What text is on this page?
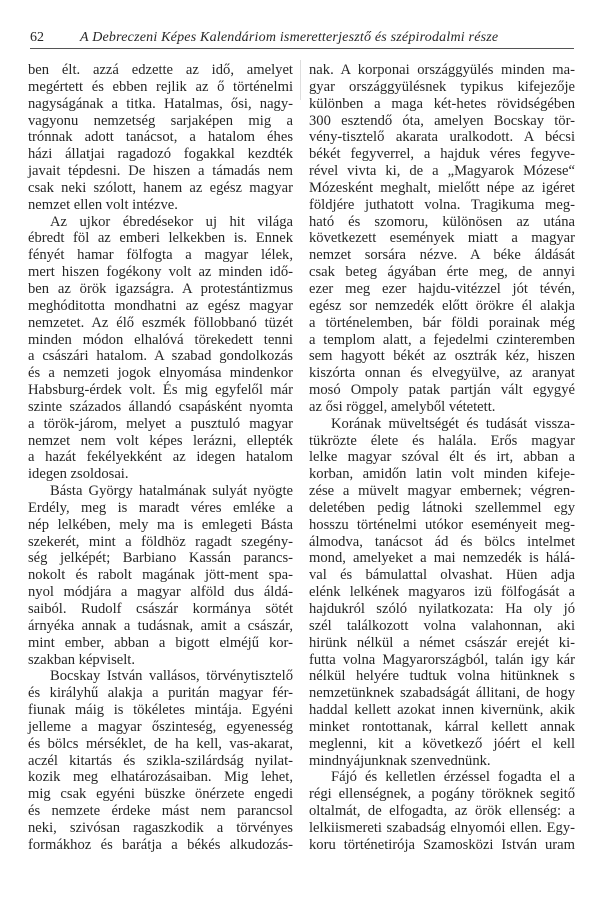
62	A Debreczeni Képes Kalendáriom ismeretterjesztő és szépirodalmi része
ben élt. azzá edzette az idő, amelyet
megértett és ebben rejlik az ő történelmi
nagyságának a titka. Hatalmas, ősi, nagy-
vagyonu nemzetség sarjaképen mig a
trónnak adott tanácsot, a hatalom éhes
házi állatjai ragadozó fogakkal kezdték
javait tépdesni. De hiszen a támadás nem
csak neki szólott, hanem az egész magyar
nemzet ellen volt intézve.
Az ujkor ébredésekor uj hit világa
ébredt föl az emberi lelkekben is. Ennek
fényét hamar fölfogta a magyar lélek,
mert hiszen fogékony volt az minden idő-
ben az örök igazságra. A protestántizmus
meghóditotta mondhatni az egész magyar
nemzetet. Az élő eszmék föllobbanó tüzét
minden módon elhalóvá törekedett tenni
a császári hatalom. A szabad gondolkozás
és a nemzeti jogok elnyomása mindenkor
Habsburg-érdek volt. És mig egyfelől már
szinte százados állandó csapásként nyomta
a török-járom, melyet a pusztuló magyar
nemzet nem volt képes lerázni, ellepték
a hazát fekélyekként az idegen hatalom
idegen zsoldosai.
Básta György hatalmának sulyát nyögte
Erdély, meg is maradt véres emléke a
nép lelkében, mely ma is emlegeti Básta
szekerét, mint a földhöz ragadt szegény-
ség jelképét; Barbiano Kassán parancs-
nokolt és rabolt magának jött-ment spa-
nyol módjára a magyar alföld dus áldá-
saiból. Rudolf császár kormánya sötét
árnyéka annak a tudásnak, amit a császár,
mint ember, abban a bigott elméjű kor-
szakban képviselt.
Bocskay István vallásos, törvénytisztelő
és királyhű alakja a puritán magyar fér-
fiunak máig is tökéletes mintája. Egyéni
jelleme a magyar őszinteség, egyenesség
és bölcs mérséklet, de ha kell, vas-akarat,
aczél kitartás és szikla-szilárdság nyilat-
kozik meg elhatározásaiban. Mig lehet,
mig csak egyéni büszke önérzete engedi
és nemzete érdeke mást nem parancsol
neki, szivósan ragaszkodik a törvényes
formákhoz és barátja a békés alkudozás-
nak. A korponai országgyülés minden ma-
gyar országgyülésnek typikus kifejezője
különben a maga két-hetes rövidségében
300 esztendő óta, amelyen Bocskay tör-
vény-tisztelő akarata uralkodott. A bécsi
békét fegyverrel, a hajduk véres fegyve-
rével vivta ki, de a „Magyarok Mózese“
Mózesként meghalt, mielőtt népe az igéret
földjére juthatott volna. Tragikuma meg-
ható és szomoru, különösen az utána
következett események miatt a magyar
nemzet sorsára nézve. A béke áldását
csak beteg ágyában érte meg, de annyi
ezer meg ezer hajdu-vitézzel jót tévén,
egész sor nemzedék előtt örökre él alakja
a történelemben, bár földi porainak még
a templom alatt, a fejedelmi czinteremben
sem hagyott békét az osztrák kéz, hiszen
kiszórta onnan és elvegyülve, az aranyat
mosó Ompoly patak partján vált egygyé
az ősi röggel, amelyből vétetett.
Korának müveltségét és tudását vissza-
tükrözte élete és halála. Erős magyar
lelke magyar szóval élt és irt, abban a
korban, amidőn latin volt minden kifeje-
zése a müvelt magyar embernek; végren-
deletében pedig látnoki szellemmel egy
hosszu történelmi utókor eseményeit meg-
álmodva, tanácsot ád és bölcs intelmet
mond, amelyeket a mai nemzedék is hálá-
val és bámulattal olvashat. Hüen adja
elénk lelkének magyaros izü fölfogását a
hajdukról szóló nyilatkozata: Ha oly jó
szél találkozott volna valahonnan, aki
hirünk nélkül a német császár erejét ki-
futta volna Magyarországból, talán igy kár
nélkül helyére tudtuk volna hitünknek s
nemzetünknek szabadságát állitani, de hogy
haddal kellett azokat innen kivernünk, akik
minket rontottanak, kárral kellett annak
meglenni, kit a következő jóért el kell
mindnyájunknak szenvednünk.
Fájó és kelletlen érzéssel fogadta el a
régi ellenségnek, a pogány töröknek segitő
oltalmát, de elfogadta, az örök ellenség: a
lelkiismereti szabadság elnyomói ellen. Egy-
koru történetirója Szamosközi István uram
